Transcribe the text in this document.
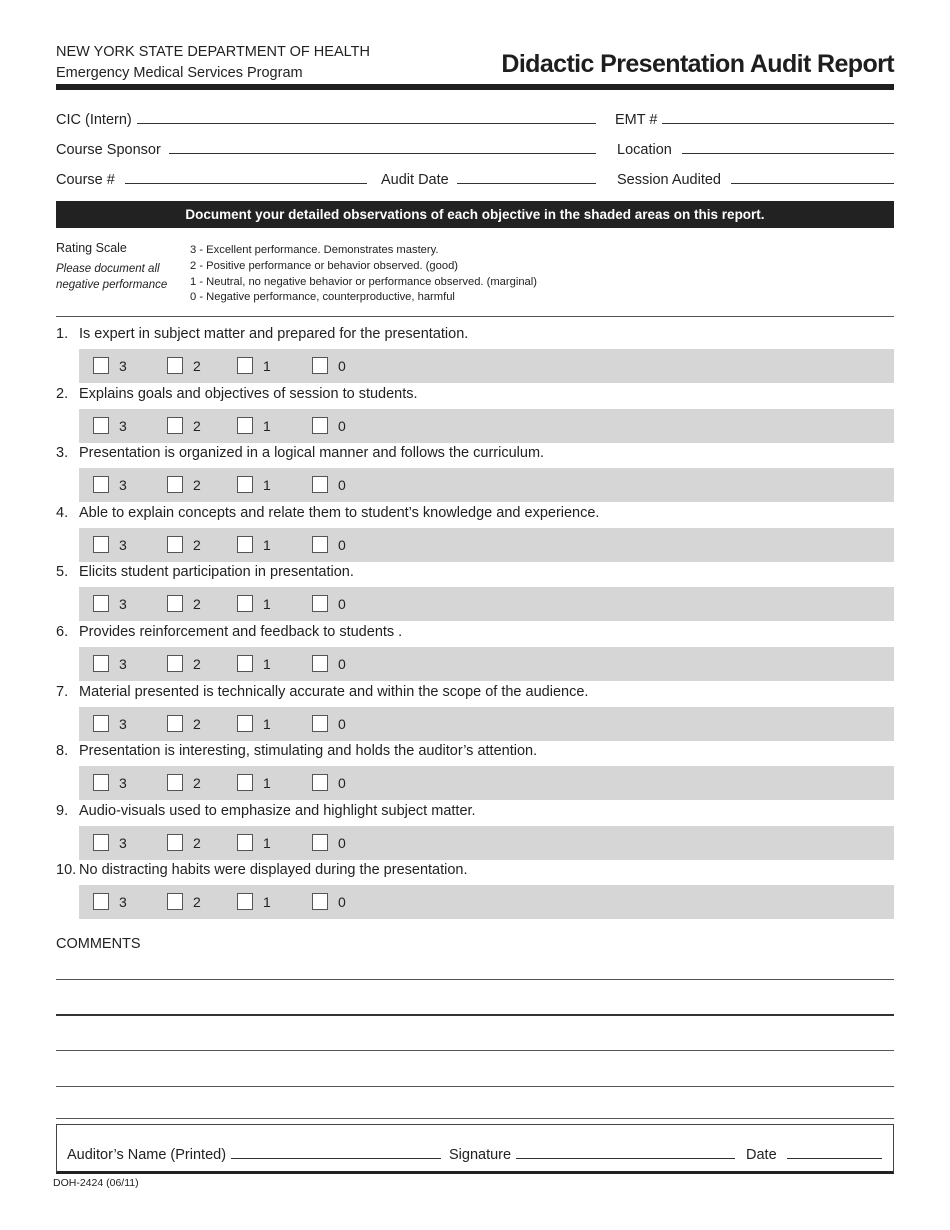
NEW YORK STATE DEPARTMENT OF HEALTH
Emergency Medical Services Program	Didactic Presentation Audit Report
CIC (Intern)	EMT #
Course Sponsor	Location
Course #	Audit Date	Session Audited
Document your detailed observations of each objective in the shaded areas on this report.
Rating Scale
Please document all negative performance
3 - Excellent performance. Demonstrates mastery.
2 - Positive performance or behavior observed. (good)
1 - Neutral, no negative behavior or performance observed. (marginal)
0 - Negative performance, counterproductive, harmful
1. Is expert in subject matter and prepared for the presentation.
3	2	1	0
2. Explains goals and objectives of session to students.
3	2	1	0
3. Presentation is organized in a logical manner and follows the curriculum.
3	2	1	0
4. Able to explain concepts and relate them to student’s knowledge and experience.
3	2	1	0
5. Elicits student participation in presentation.
3	2	1	0
6. Provides reinforcement and feedback to students .
3	2	1	0
7. Material presented is technically accurate and within the scope of the audience.
3	2	1	0
8. Presentation is interesting, stimulating and holds the auditor’s attention.
3	2	1	0
9. Audio-visuals used to emphasize and highlight subject matter.
3	2	1	0
10. No distracting habits were displayed during the presentation.
3	2	1	0
COMMENTS
Auditor’s Name (Printed)	Signature	Date
DOH-2424 (06/11)
